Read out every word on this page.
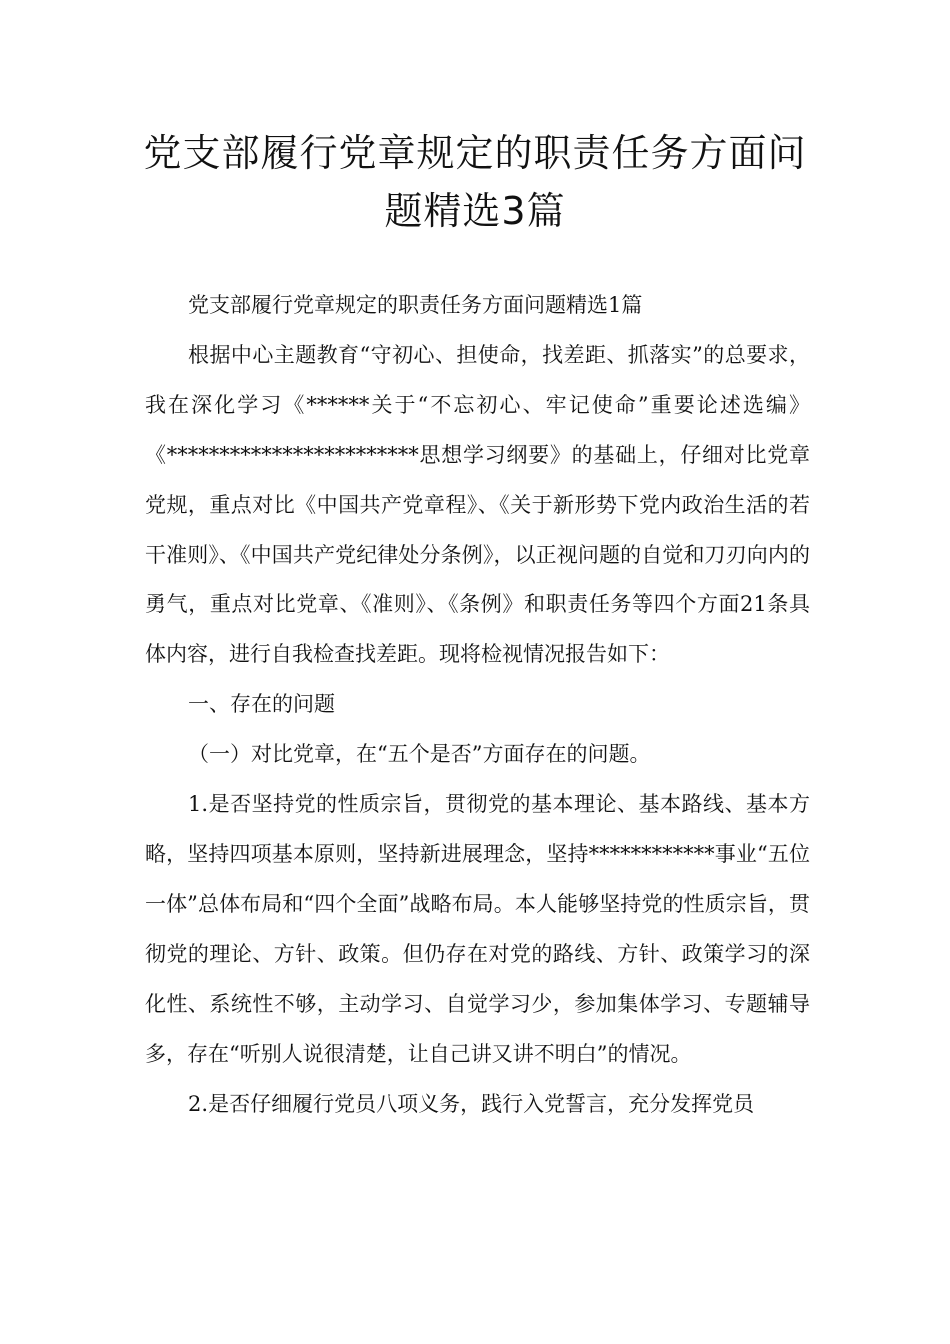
党支部履行党章规定的职责任务方面问
题精选3篇

党支部履行党章规定的职责任务方面问题精选1篇

根据中心主题教育“守初心、担使命，找差距、抓落实”的总要求，我在深化学习《******关于“不忘初心、牢记使命”重要论述选编》《************************思想学习纲要》的基础上，仔细对比党章党规，重点对比《中国共产党章程》、《关于新形势下党内政治生活的若干准则》、《中国共产党纪律处分条例》，以正视问题的自觉和刀刃向内的勇气，重点对比党章、《准则》、《条例》和职责任务等四个方面21条具体内容，进行自我检查找差距。现将检视情况报告如下：

一、存在的问题

（一）对比党章，在“五个是否”方面存在的问题。

1.是否坚持党的性质宗旨，贯彻党的基本理论、基本路线、基本方略，坚持四项基本原则，坚持新进展理念，坚持************事业“五位一体”总体布局和“四个全面”战略布局。本人能够坚持党的性质宗旨，贯彻党的理论、方针、政策。但仍存在对党的路线、方针、政策学习的深化性、系统性不够，主动学习、自觉学习少，参加集体学习、专题辅导多，存在“听别人说很清楚，让自己讲又讲不明白”的情况。

2.是否仔细履行党员八项义务，践行入党誓言，充分发挥党员
